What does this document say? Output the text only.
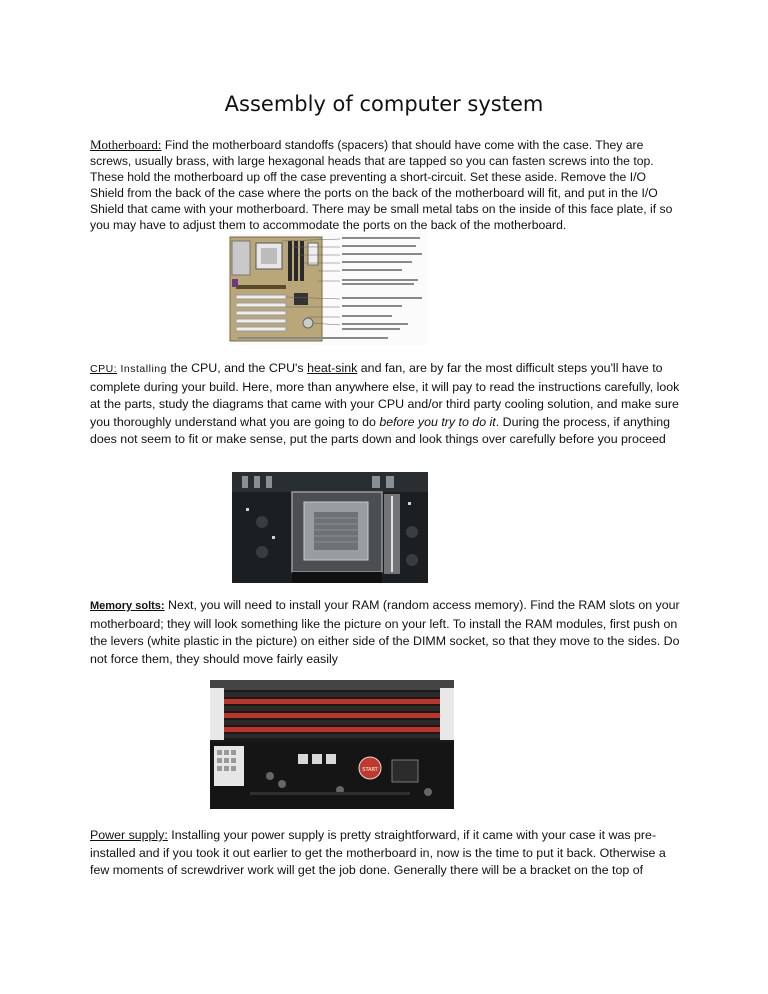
Assembly of computer system
Motherboard: Find the motherboard standoffs (spacers) that should have come with the case. They are screws, usually brass, with large hexagonal heads that are tapped so you can fasten screws into the top. These hold the motherboard up off the case preventing a short-circuit. Set these aside. Remove the I/O Shield from the back of the case where the ports on the back of the motherboard will fit, and put in the I/O Shield that came with your motherboard. There may be small metal tabs on the inside of this face plate, if so you may have to adjust them to accommodate the ports on the back of the motherboard.
CPU: Installing the CPU, and the CPU's heat-sink and fan, are by far the most difficult steps you'll have to complete during your build. Here, more than anywhere else, it will pay to read the instructions carefully, look at the parts, study the diagrams that came with your CPU and/or third party cooling solution, and make sure you thoroughly understand what you are going to do before you try to do it. During the process, if anything does not seem to fit or make sense, put the parts down and look things over carefully before you proceed
Memory solts: Next, you will need to install your RAM (random access memory). Find the RAM slots on your motherboard; they will look something like the picture on your left. To install the RAM modules, first push on the levers (white plastic in the picture) on either side of the DIMM socket, so that they move to the sides. Do not force them, they should move fairly easily
START
Power supply: Installing your power supply is pretty straightforward, if it came with your case it was pre-installed and if you took it out earlier to get the motherboard in, now is the time to put it back. Otherwise a few moments of screwdriver work will get the job done. Generally there will be a bracket on the top of
